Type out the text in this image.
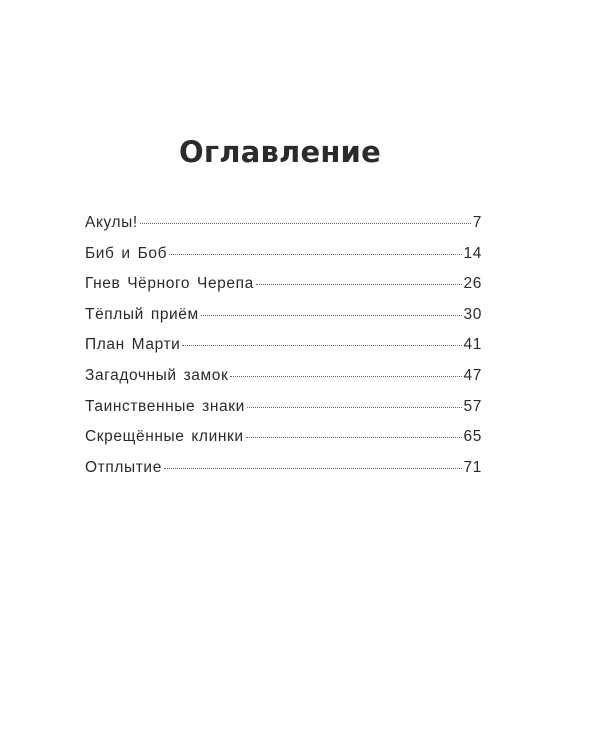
Оглавление
Акулы!	7
Биб и Боб	14
Гнев Чёрного Черепа	26
Тёплый приём	30
План Марти	41
Загадочный замок	47
Таинственные знаки	57
Скрещённые клинки	65
Отплытие	71
